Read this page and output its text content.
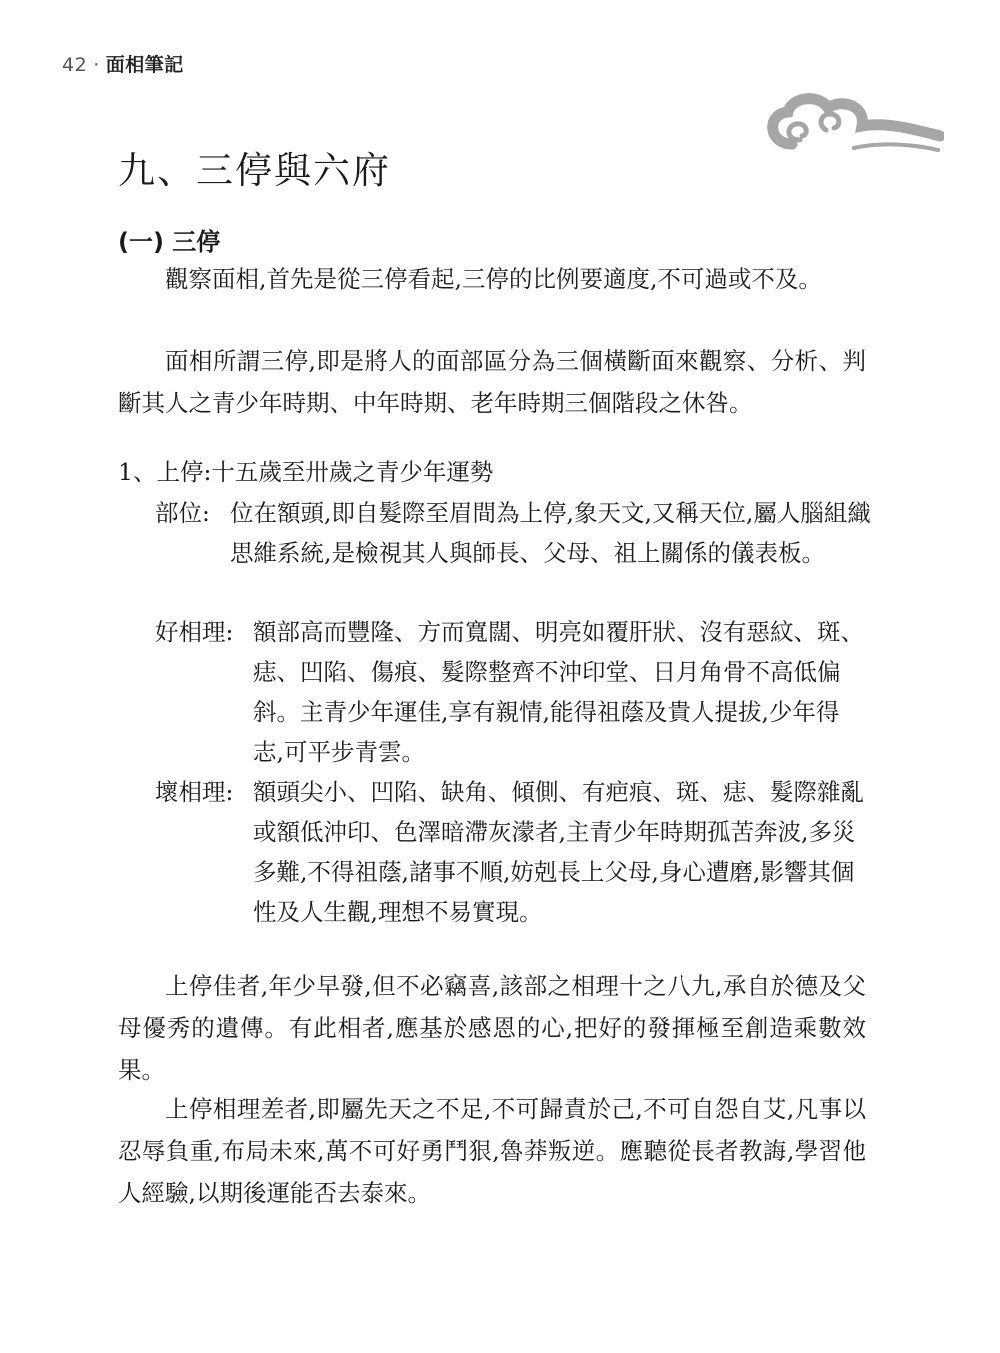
42 · 面相筆記
九、三停與六府
(一) 三停

觀察面相,首先是從三停看起,三停的比例要適度,不可過或不及。

面相所謂三停,即是將人的面部區分為三個橫斷面來觀察、分析、判斷其人之青少年時期、中年時期、老年時期三個階段之休咎。

1、上停:十五歲至卅歲之青少年運勢
部位: 位在額頭,即自髮際至眉間為上停,象天文,又稱天位,屬人腦組織思維系統,是檢視其人與師長、父母、祖上關係的儀表板。
好相理: 額部高而豐隆、方而寬闊、明亮如覆肝狀、沒有惡紋、斑、痣、凹陷、傷痕、髮際整齊不沖印堂、日月角骨不高低偏斜。主青少年運佳,享有親情,能得祖蔭及貴人提拔,少年得志,可平步青雲。
壞相理: 額頭尖小、凹陷、缺角、傾側、有疤痕、斑、痣、髮際雜亂或額低沖印、色澤暗滯灰濛者,主青少年時期孤苦奔波,多災多難,不得祖蔭,諸事不順,妨剋長上父母,身心遭磨,影響其個性及人生觀,理想不易實現。

上停佳者,年少早發,但不必竊喜,該部之相理十之八九,承自於德及父母優秀的遺傳。有此相者,應基於感恩的心,把好的發揮極至創造乘數效果。

上停相理差者,即屬先天之不足,不可歸責於己,不可自怨自艾,凡事以忍辱負重,布局未來,萬不可好勇鬥狠,魯莽叛逆。應聽從長者教誨,學習他人經驗,以期後運能否去泰來。
